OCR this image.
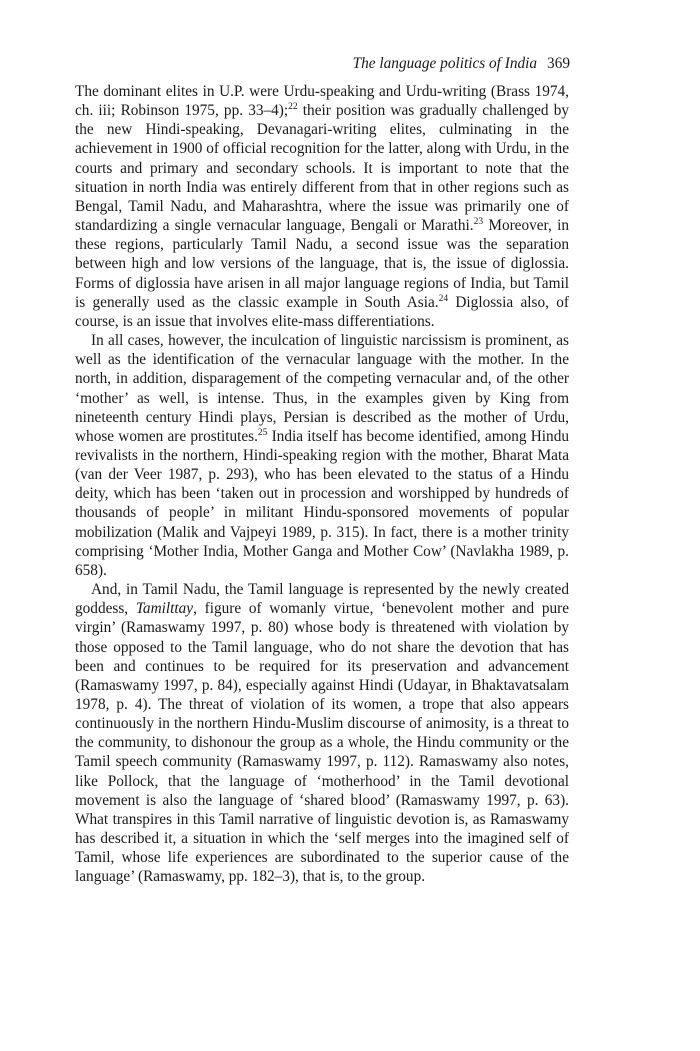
The language politics of India 369

The dominant elites in U.P. were Urdu-speaking and Urdu-writing (Brass 1974, ch. iii; Robinson 1975, pp. 33–4);$^{22}$ their position was gradually challenged by the new Hindi-speaking, Devanagari-writing elites, culminating in the achievement in 1900 of official recognition for the latter, along with Urdu, in the courts and primary and secondary schools. It is important to note that the situation in north India was entirely different from that in other regions such as Bengal, Tamil Nadu, and Maharashtra, where the issue was primarily one of standardizing a single vernacular language, Bengali or Marathi.$^{23}$ Moreover, in these regions, particularly Tamil Nadu, a second issue was the separation between high and low versions of the language, that is, the issue of diglossia. Forms of diglossia have arisen in all major language regions of India, but Tamil is generally used as the classic example in South Asia.$^{24}$ Diglossia also, of course, is an issue that involves elite-mass differentiations.

In all cases, however, the inculcation of linguistic narcissism is prominent, as well as the identification of the vernacular language with the mother. In the north, in addition, disparagement of the competing vernacular and, of the other ‘mother’ as well, is intense. Thus, in the examples given by King from nineteenth century Hindi plays, Persian is described as the mother of Urdu, whose women are prostitutes.$^{25}$ India itself has become identified, among Hindu revivalists in the northern, Hindi-speaking region with the mother, Bharat Mata (van der Veer 1987, p. 293), who has been elevated to the status of a Hindu deity, which has been ‘taken out in procession and worshipped by hundreds of thousands of people’ in militant Hindu-sponsored movements of popular mobilization (Malik and Vajpeyi 1989, p. 315). In fact, there is a mother trinity comprising ‘Mother India, Mother Ganga and Mother Cow’ (Navlakha 1989, p. 658).

And, in Tamil Nadu, the Tamil language is represented by the newly created goddess, Tamilttay, figure of womanly virtue, ‘benevolent mother and pure virgin’ (Ramaswamy 1997, p. 80) whose body is threatened with violation by those opposed to the Tamil language, who do not share the devotion that has been and continues to be required for its preservation and advancement (Ramaswamy 1997, p. 84), especially against Hindi (Udayar, in Bhaktavatsalam 1978, p. 4). The threat of violation of its women, a trope that also appears continuously in the northern Hindu-Muslim discourse of animosity, is a threat to the community, to dishonour the group as a whole, the Hindu community or the Tamil speech community (Ramaswamy 1997, p. 112). Ramaswamy also notes, like Pollock, that the language of ‘motherhood’ in the Tamil devotional movement is also the language of ‘shared blood’ (Ramaswamy 1997, p. 63). What transpires in this Tamil narrative of linguistic devotion is, as Ramaswamy has described it, a situation in which the ‘self merges into the imagined self of Tamil, whose life experiences are subordinated to the superior cause of the language’ (Ramaswamy, pp. 182–3), that is, to the group.
